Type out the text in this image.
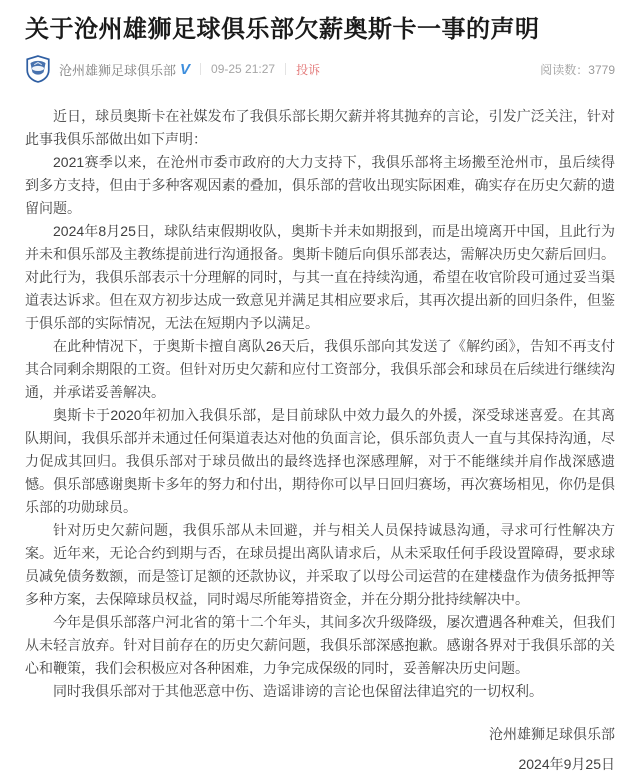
关于沧州雄狮足球俱乐部欠薪奥斯卡一事的声明
沧州雄狮足球俱乐部 V 09-25 21:27 投诉	阅读数：3779

近日，球员奥斯卡在社媒发布了我俱乐部长期欠薪并将其抛弃的言论，引发广泛关注，针对此事我俱乐部做出如下声明：

2021赛季以来，在沧州市委市政府的大力支持下，我俱乐部将主场搬至沧州市，虽后续得到多方支持，但由于多种客观因素的叠加，俱乐部的营收出现实际困难，确实存在历史欠薪的遗留问题。

2024年8月25日，球队结束假期收队，奥斯卡并未如期报到，而是出境离开中国，且此行为并未和俱乐部及主教练提前进行沟通报备。奥斯卡随后向俱乐部表达，需解决历史欠薪后回归。对此行为，我俱乐部表示十分理解的同时，与其一直在持续沟通，希望在收官阶段可通过妥当渠道表达诉求。但在双方初步达成一致意见并满足其相应要求后，其再次提出新的回归条件，但鉴于俱乐部的实际情况，无法在短期内予以满足。

在此种情况下，于奥斯卡擅自离队26天后，我俱乐部向其发送了《解约函》，告知不再支付其合同剩余期限的工资。但针对历史欠薪和应付工资部分，我俱乐部会和球员在后续进行继续沟通，并承诺妥善解决。

奥斯卡于2020年初加入我俱乐部，是目前球队中效力最久的外援，深受球迷喜爱。在其离队期间，我俱乐部并未通过任何渠道表达对他的负面言论，俱乐部负责人一直与其保持沟通，尽力促成其回归。我俱乐部对于球员做出的最终选择也深感理解，对于不能继续并肩作战深感遗憾。俱乐部感谢奥斯卡多年的努力和付出，期待你可以早日回归赛场，再次赛场相见，你仍是俱乐部的功勋球员。

针对历史欠薪问题，我俱乐部从未回避，并与相关人员保持诚恳沟通，寻求可行性解决方案。近年来，无论合约到期与否，在球员提出离队请求后，从未采取任何手段设置障碍，要求球员减免债务数额，而是签订足额的还款协议，并采取了以母公司运营的在建楼盘作为债务抵押等多种方案，去保障球员权益，同时竭尽所能筹措资金，并在分期分批持续解决中。

今年是俱乐部落户河北省的第十二个年头，其间多次升级降级，屡次遭遇各种难关，但我们从未轻言放弃。针对目前存在的历史欠薪问题，我俱乐部深感抱歉。感谢各界对于我俱乐部的关心和鞭策，我们会积极应对各种困难，力争完成保级的同时，妥善解决历史问题。

同时我俱乐部对于其他恶意中伤、造谣诽谤的言论也保留法律追究的一切权利。

沧州雄狮足球俱乐部
2024年9月25日
